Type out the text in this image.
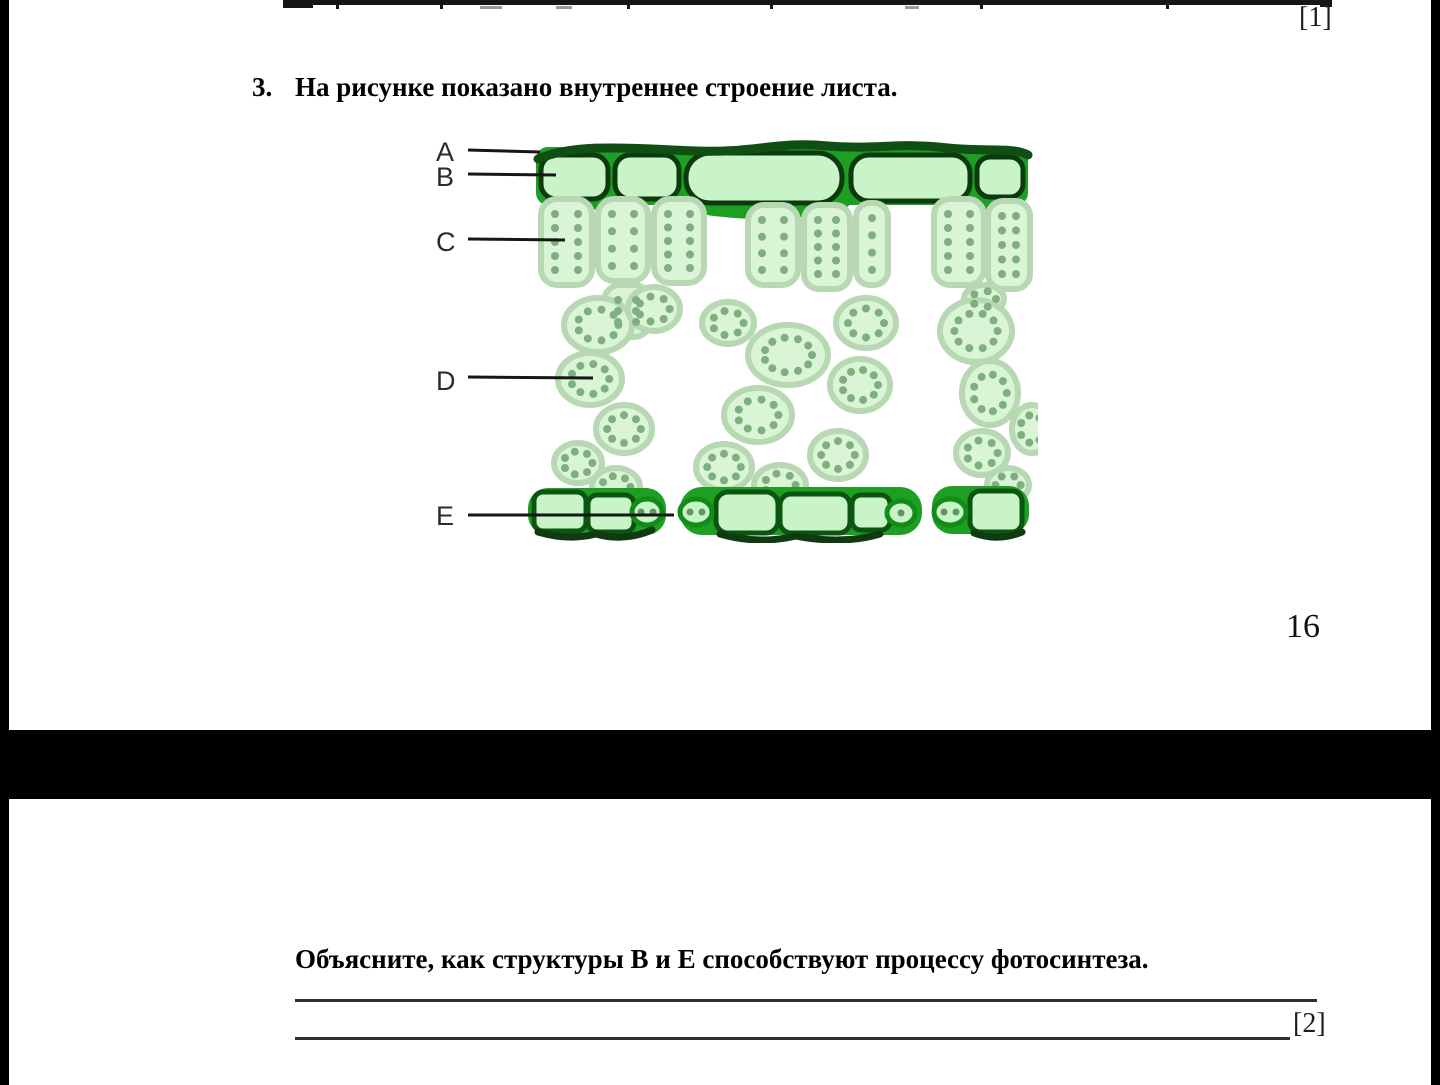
[1]
3. На рисунке показано внутреннее строение листа.
A
B
C
D
E
16
Объясните, как структуры B и E способствуют процессу фотосинтеза.
[2]
